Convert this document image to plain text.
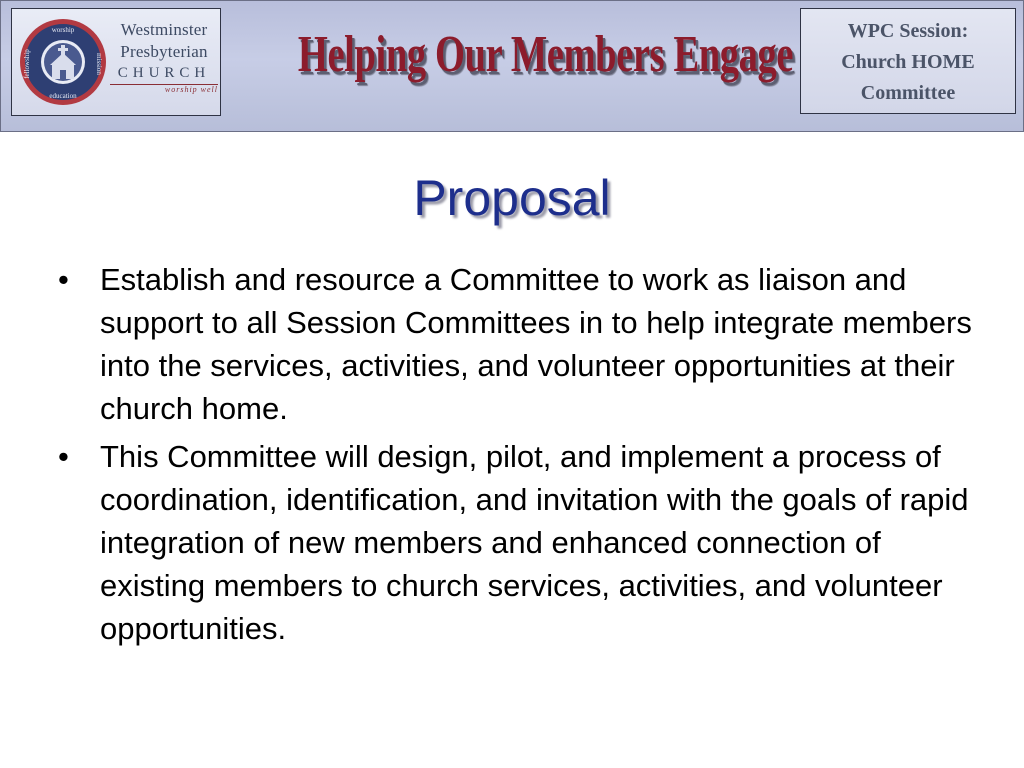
worship
education
mission
fellowship
Westminster
Presbyterian
CHURCH
worship well
Helping Our Members Engage	WPC Session:
Church HOME
Committee
Proposal
• Establish and resource a Committee to work as liaison and support to all Session Committees in to help integrate members into the services, activities, and volunteer opportunities at their church home.
• This Committee will design, pilot, and implement a process of coordination, identification, and invitation with the goals of rapid integration of new members and enhanced connection of existing members to church services, activities, and volunteer opportunities.
